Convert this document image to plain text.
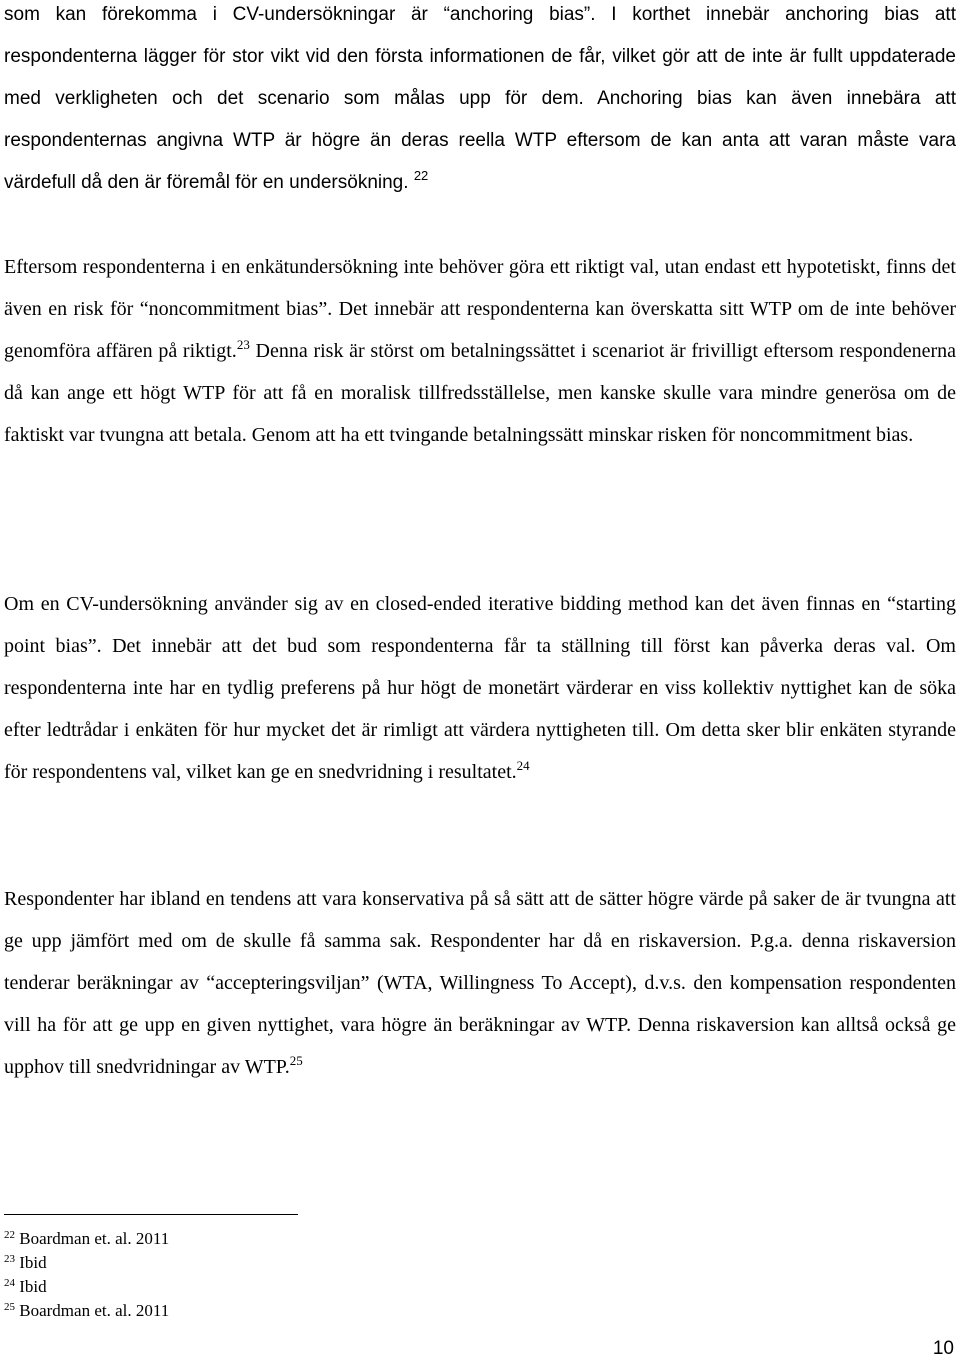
som kan förekomma i CV-undersökningar är “anchoring bias”. I korthet innebär anchoring bias att respondenterna lägger för stor vikt vid den första informationen de får, vilket gör att de inte är fullt uppdaterade med verkligheten och det scenario som målas upp för dem. Anchoring bias kan även innebära att respondenternas angivna WTP är högre än deras reella WTP eftersom de kan anta att varan måste vara värdefull då den är föremål för en undersökning. $^{22}$

Eftersom respondenterna i en enkätundersökning inte behöver göra ett riktigt val, utan endast ett hypotetiskt, finns det även en risk för “noncommitment bias”. Det innebär att respondenterna kan överskatta sitt WTP om de inte behöver genomföra affären på riktigt.$^{23}$ Denna risk är störst om betalningssättet i scenariot är frivilligt eftersom respondenerna då kan ange ett högt WTP för att få en moralisk tillfredsställelse, men kanske skulle vara mindre generösa om de faktiskt var tvungna att betala. Genom att ha ett tvingande betalningssätt minskar risken för noncommitment bias.

Om en CV-undersökning använder sig av en closed-ended iterative bidding method kan det även finnas en “starting point bias”. Det innebär att det bud som respondenterna får ta ställning till först kan påverka deras val. Om respondenterna inte har en tydlig preferens på hur högt de monetärt värderar en viss kollektiv nyttighet kan de söka efter ledtrådar i enkäten för hur mycket det är rimligt att värdera nyttigheten till. Om detta sker blir enkäten styrande för respondentens val, vilket kan ge en snedvridning i resultatet.$^{24}$

Respondenter har ibland en tendens att vara konservativa på så sätt att de sätter högre värde på saker de är tvungna att ge upp jämfört med om de skulle få samma sak. Respondenter har då en riskaversion. P.g.a. denna riskaversion tenderar beräkningar av “accepteringsviljan” (WTA, Willingness To Accept), d.v.s. den kompensation respondenten vill ha för att ge upp en given nyttighet, vara högre än beräkningar av WTP. Denna riskaversion kan alltså också ge upphov till snedvridningar av WTP.$^{25}$

$^{22}$ Boardman et. al. 2011
$^{23}$ Ibid
$^{24}$ Ibid
$^{25}$ Boardman et. al. 2011
10
